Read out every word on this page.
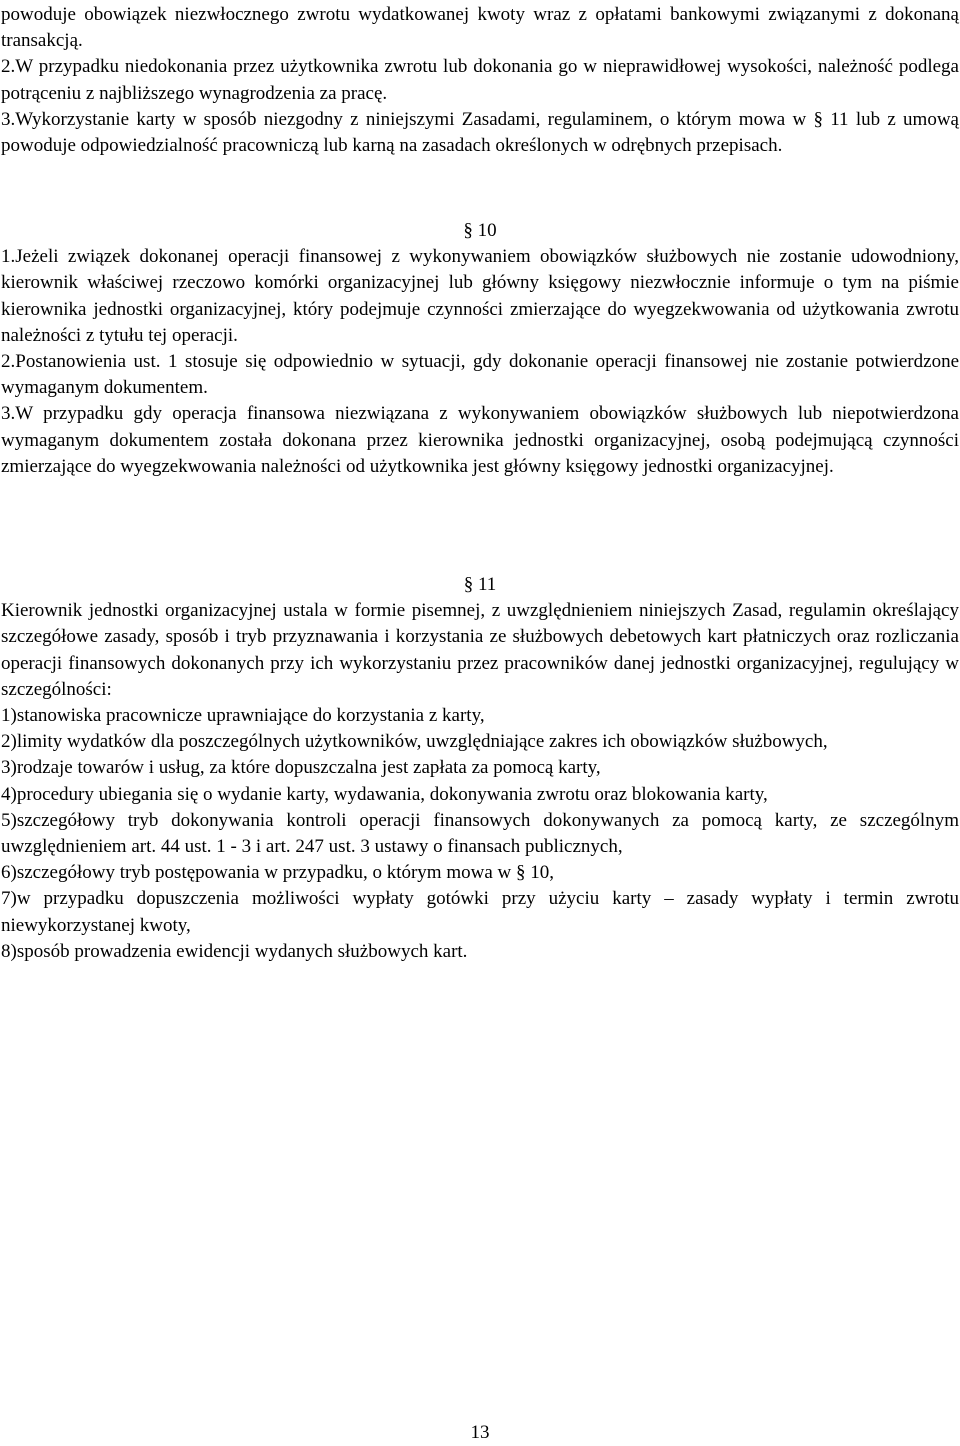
powoduje obowiązek niezwłocznego zwrotu wydatkowanej kwoty wraz z opłatami bankowymi związanymi z dokonaną transakcją.

2.W przypadku niedokonania przez użytkownika zwrotu lub dokonania go w nieprawidłowej wysokości, należność podlega potrąceniu z najbliższego wynagrodzenia za pracę.

3.Wykorzystanie karty w sposób niezgodny z niniejszymi Zasadami, regulaminem, o którym mowa w § 11 lub z umową powoduje odpowiedzialność pracowniczą lub karną na zasadach określonych w odrębnych przepisach.

§ 10

1.Jeżeli związek dokonanej operacji finansowej z wykonywaniem obowiązków służbowych nie zostanie udowodniony, kierownik właściwej rzeczowo komórki organizacyjnej lub główny księgowy niezwłocznie informuje o tym na piśmie kierownika jednostki organizacyjnej, który podejmuje czynności zmierzające do wyegzekwowania od użytkowania zwrotu należności z tytułu tej operacji.

2.Postanowienia ust. 1 stosuje się odpowiednio w sytuacji, gdy dokonanie operacji finansowej nie zostanie potwierdzone wymaganym dokumentem.

3.W przypadku gdy operacja finansowa niezwiązana z wykonywaniem obowiązków służbowych lub niepotwierdzona wymaganym dokumentem została dokonana przez kierownika jednostki organizacyjnej, osobą podejmującą czynności zmierzające do wyegzekwowania należności od użytkownika jest główny księgowy jednostki organizacyjnej.

§ 11

Kierownik jednostki organizacyjnej ustala w formie pisemnej, z uwzględnieniem niniejszych Zasad, regulamin określający szczegółowe zasady, sposób i tryb przyznawania i korzystania ze służbowych debetowych kart płatniczych oraz rozliczania operacji finansowych dokonanych przy ich wykorzystaniu przez pracowników danej jednostki organizacyjnej, regulujący w szczególności:

1)stanowiska pracownicze uprawniające do korzystania z karty,

2)limity wydatków dla poszczególnych użytkowników, uwzględniające zakres ich obowiązków służbowych,

3)rodzaje towarów i usług, za które dopuszczalna jest zapłata za pomocą karty,

4)procedury ubiegania się o wydanie karty, wydawania, dokonywania zwrotu oraz blokowania karty,

5)szczegółowy tryb dokonywania kontroli operacji finansowych dokonywanych za pomocą karty, ze szczególnym uwzględnieniem art. 44 ust. 1 - 3 i art. 247 ust. 3 ustawy o finansach publicznych,

6)szczegółowy tryb postępowania w przypadku, o którym mowa w § 10,

7)w przypadku dopuszczenia możliwości wypłaty gotówki przy użyciu karty – zasady wypłaty i termin zwrotu niewykorzystanej kwoty,

8)sposób prowadzenia ewidencji wydanych służbowych kart.

13
